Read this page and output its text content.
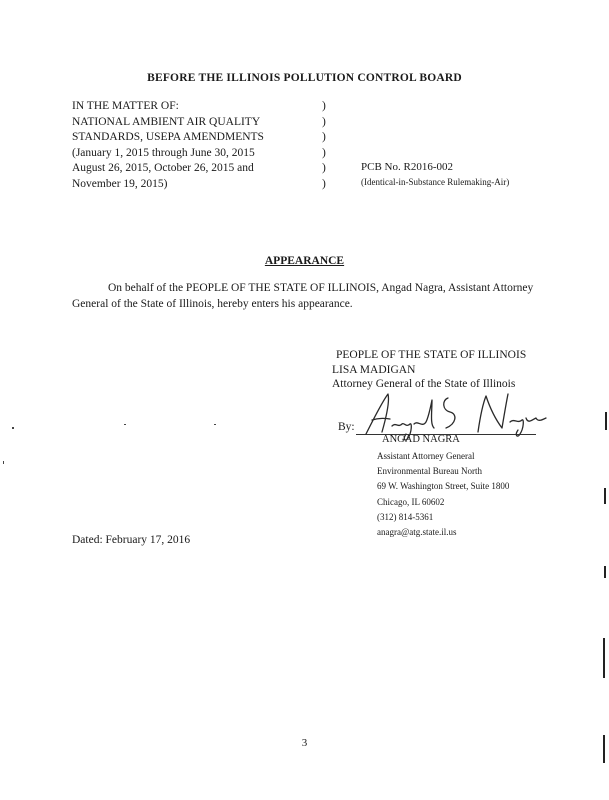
BEFORE THE ILLINOIS POLLUTION CONTROL BOARD
IN THE MATTER OF:
NATIONAL AMBIENT AIR QUALITY
STANDARDS, USEPA AMENDMENTS
(January 1, 2015 through June 30, 2015
August 26, 2015, October 26, 2015 and
November 19, 2015)
)
)
)
)
)
)
PCB No. R2016-002
(Identical-in-Substance Rulemaking-Air)
APPEARANCE
On behalf of the PEOPLE OF THE STATE OF ILLINOIS, Angad Nagra, Assistant Attorney General of the State of Illinois, hereby enters his appearance.
PEOPLE OF THE STATE OF ILLINOIS
LISA MADIGAN
Attorney General of the State of Illinois
By:
ANGAD NAGRA
Assistant Attorney General
Environmental Bureau North
69 W. Washington Street, Suite 1800
Chicago, IL 60602
(312) 814-5361
anagra@atg.state.il.us
Dated: February 17, 2016
3
